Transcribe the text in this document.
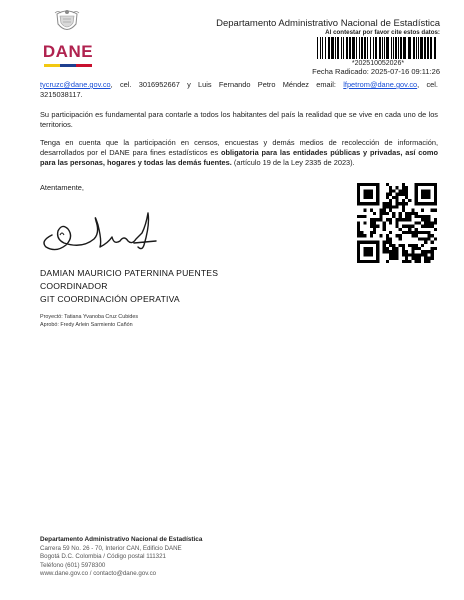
DANE
Departamento Administrativo Nacional de Estadística
Al contestar por favor cite estos datos:
*202510052026*
Fecha Radicado: 2025-07-16 09:11:26
tycruzc@dane.gov.co, cel. 3016952667 y Luis Fernando Petro Méndez email: lfpetrom@dane.gov.co, cel.
3215038117.
Su participación es fundamental para contarle a todos los habitantes del país la realidad que se vive en cada uno de los territorios.
Tenga en cuenta que la participación en censos, encuestas y demás medios de recolección de información, desarrollados por el DANE para fines estadísticos es obligatoria para las entidades públicas y privadas, así como para las personas, hogares y todas las demás fuentes. (artículo 19 de la Ley 2335 de 2023).
Atentamente,
DAMIAN MAURICIO PATERNINA PUENTES
COORDINADOR
GIT COORDINACIÓN OPERATIVA
Proyectó: Tatiana Yvanoba Cruz Cubides
Aprobó: Fredy Arlein Sarmiento Cañón
Departamento Administrativo Nacional de Estadística
Carrera 59 No. 26 - 70, Interior CAN, Edificio DANE
Bogotá D.C. Colombia / Código postal 111321
Teléfono (601) 5978300
www.dane.gov.co / contacto@dane.gov.co
